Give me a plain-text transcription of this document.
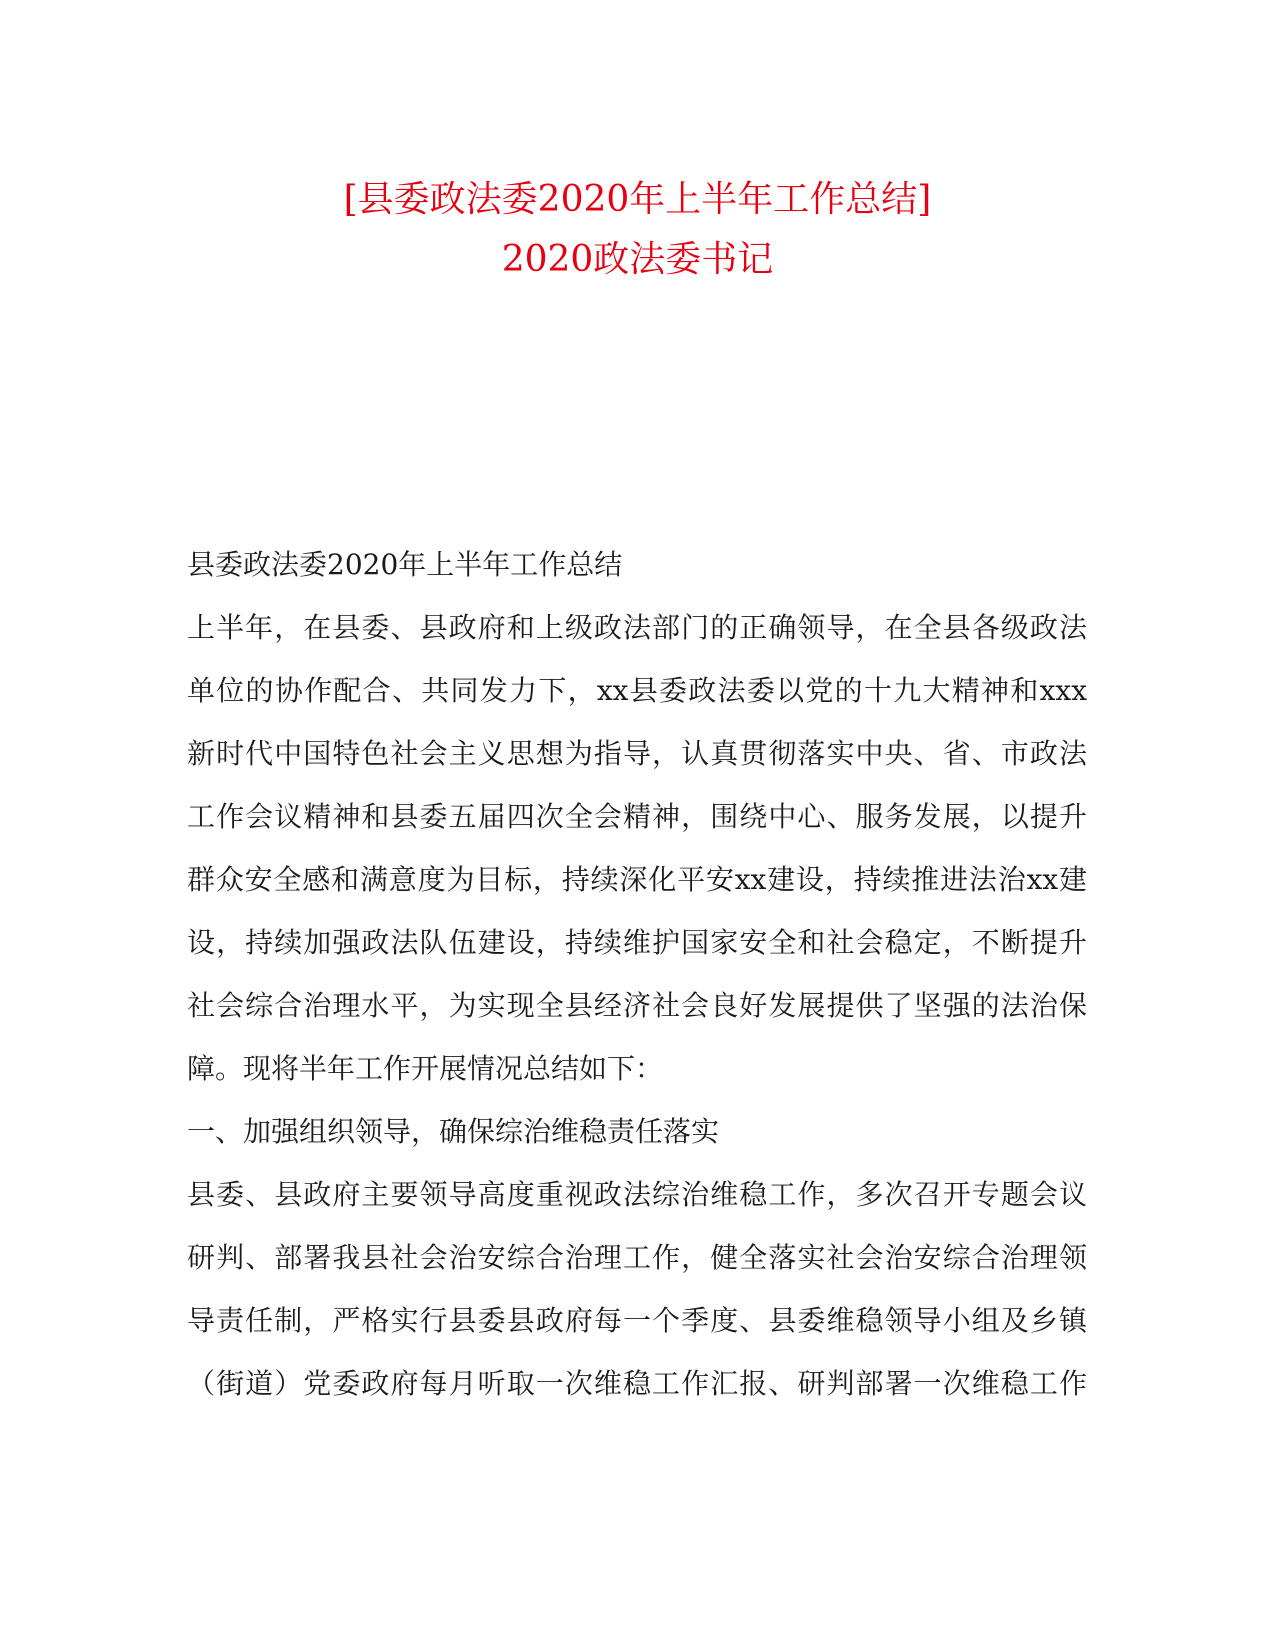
[县委政法委2020年上半年工作总结]
2020政法委书记
县委政法委2020年上半年工作总结
上半年，在县委、县政府和上级政法部门的正确领导，在全县各级政法
单位的协作配合、共同发力下，xx县委政法委以党的十九大精神和xxx
新时代中国特色社会主义思想为指导，认真贯彻落实中央、省、市政法
工作会议精神和县委五届四次全会精神，围绕中心、服务发展，以提升
群众安全感和满意度为目标，持续深化平安xx建设，持续推进法治xx建
设，持续加强政法队伍建设，持续维护国家安全和社会稳定，不断提升
社会综合治理水平，为实现全县经济社会良好发展提供了坚强的法治保
障。现将半年工作开展情况总结如下：
一、加强组织领导，确保综治维稳责任落实
县委、县政府主要领导高度重视政法综治维稳工作，多次召开专题会议
研判、部署我县社会治安综合治理工作，健全落实社会治安综合治理领
导责任制，严格实行县委县政府每一个季度、县委维稳领导小组及乡镇
（街道）党委政府每月听取一次维稳工作汇报、研判部署一次维稳工作
